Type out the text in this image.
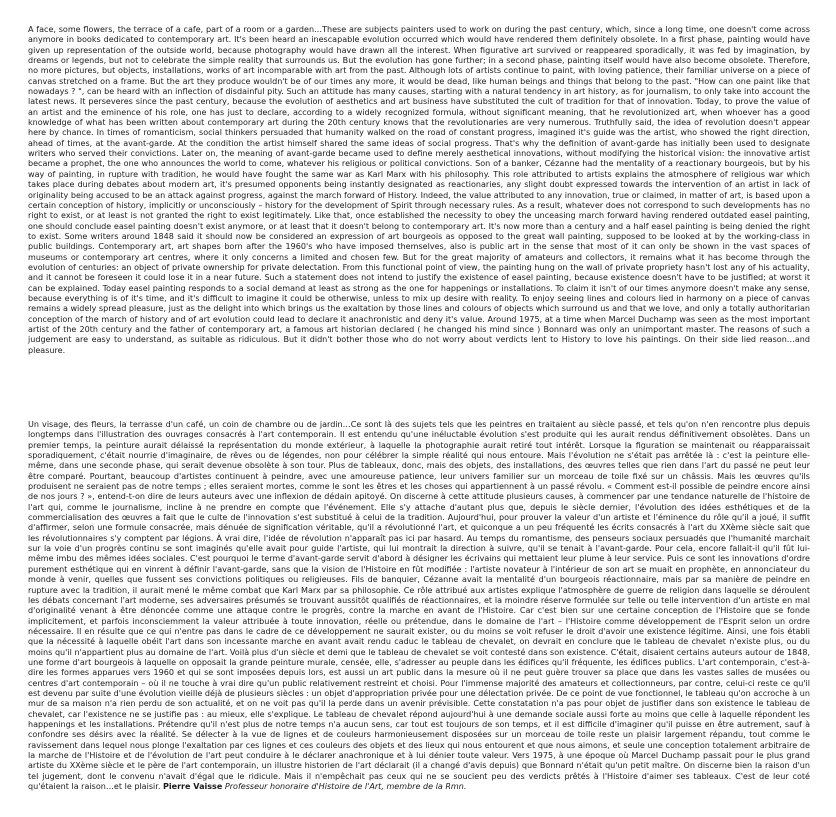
A face, some flowers, the terrace of a cafe, part of a room or a garden…These are subjects painters used to work on during the past century, which, since a long time, one doesn't come across anymore in books dedicated to contemporary art. It's been heard an inescapable evolution occurred which would have rendered them definitely obsolete. In a first phase, painting would have given up representation of the outside world, because photography would have drawn all the interest. When figurative art survived or reappeared sporadically, it was fed by imagination, by dreams or legends, but not to celebrate the simple reality that surrounds us. But the evolution has gone further; in a second phase, painting itself would have also become obsolete. Therefore, no more pictures, but objects, installations, works of art incomparable with art from the past. Although lots of artists continue to paint, with loving patience, their familiar universe on a piece of canvas stretched on a frame. But the art they produce wouldn't be of our times any more, it would be dead, like human beings and things that belong to the past. "How can one paint like that nowadays ? ", can be heard with an inflection of disdainful pity. Such an attitude has many causes, starting with a natural tendency in art history, as for journalism, to only take into account the latest news. It perseveres since the past century, because the evolution of aesthetics and art business have substituted the cult of tradition for that of innovation. Today, to prove the value of an artist and the eminence of his role, one has just to declare, according to a widely recognized formula, without significant meaning, that he revolutionized art, when whoever has a good knowledge of what has been written about contemporary art during the 20th century knows that the revolutionaries are very numerous. Truthfully said, the idea of revolution doesn't appear here by chance. In times of romanticism, social thinkers persuaded that humanity walked on the road of constant progress, imagined it's guide was the artist, who showed the right direction, ahead of times, at the avant-garde. At the condition the artist himself shared the same ideas of social progress. That's why the definition of avant-garde has initially been used to designate writers who served their convictions. Later on, the meaning of avant-garde became used to define merely aesthetical innovations, without modifying the historical vision: the innovative artist became a prophet, the one who announces the world to come, whatever his religious or political convictions. Son of a banker, Cézanne had the mentality of a reactionary bourgeois, but by his way of painting, in rupture with tradition, he would have fought the same war as Karl Marx with his philosophy. This role attributed to artists explains the atmosphere of religious war which takes place during debates about modern art, it's presumed opponents being instantly designated as reactionaries, any slight doubt expressed towards the intervention of an artist in lack of originality being accused to be an attack against progress, against the march forward of History. Indeed, the value attributed to any innovation, true or claimed, in matter of art, is based upon a certain conception of history, implicitly or unconsciously – history for the development of Spirit through necessary rules. As a result, whatever does not correspond to such developments has no right to exist, or at least is not granted the right to exist legitimately. Like that, once established the necessity to obey the unceasing march forward having rendered outdated easel painting, one should conclude easel painting doesn't exist anymore, or at least that it doesn't belong to contemporary art. It's now more than a century and a half easel painting is being denied the right to exist. Some writers around 1848 said it should now be considered an expression of art bourgeois as opposed to the great wall painting, supposed to be looked at by the working-class in public buildings. Contemporary art, art shapes born after the 1960's who have imposed themselves, also is public art in the sense that most of it can only be shown in the vast spaces of museums or contemporary art centres, where it only concerns a limited and chosen few. But for the great majority of amateurs and collectors, it remains what it has become through the evolution of centuries: an object of private ownership for private delectation. From this functional point of view, the painting hung on the wall of private propriety hasn't lost any of his actuality, and it cannot be foreseen it could lose it in a near future. Such a statement does not intend to justify the existence of easel painting, because existence doesn't have to be justified; at worst it can be explained. Today easel painting responds to a social demand at least as strong as the one for happenings or installations. To claim it isn't of our times anymore doesn't make any sense, because everything is of it's time, and it's difficult to imagine it could be otherwise, unless to mix up desire with reality. To enjoy seeing lines and colours lied in harmony on a piece of canvas remains a widely spread pleasure, just as the delight into which brings us the exaltation by those lines and colours of objects which surround us and that we love, and only a totally authoritarian conception of the march of history and of art evolution could lead to declare it anachronistic and deny it's value. Around 1975, at a time when Marcel Duchamp was seen as the most important artist of the 20th century and the father of contemporary art, a famous art historian declared ( he changed his mind since ) Bonnard was only an unimportant master. The reasons of such a judgement are easy to understand, as suitable as ridiculous. But it didn't bother those who do not worry about verdicts lent to History to love his paintings. On their side lied reason…and pleasure.

Un visage, des fleurs, la terrasse d'un café, un coin de chambre ou de jardin…Ce sont là des sujets tels que les peintres en traitaient au siècle passé, et tels qu'on n'en rencontre plus depuis longtemps dans l'illustration des ouvrages consacrés à l'art contemporain. Il est entendu qu'une inéluctable évolution s'est produite qui les aurait rendus définitivement obsolètes. Dans un premier temps, la peinture aurait délaissé la représentation du monde extérieur, à laquelle la photographie aurait retiré tout intérêt. Lorsque la figuration se maintenait ou réapparaissait sporadiquement, c'était nourrie d'imaginaire, de rêves ou de légendes, non pour célébrer la simple réalité qui nous entoure. Mais l'évolution ne s'était pas arrêtée là : c'est la peinture elle-même, dans une seconde phase, qui serait devenue obsolète à son tour. Plus de tableaux, donc, mais des objets, des installations, des œuvres telles que rien dans l'art du passé ne peut leur être comparé. Pourtant, beaucoup d'artistes continuent à peindre, avec une amoureuse patience, leur univers familier sur un morceau de toile fixé sur un châssis. Mais les œuvres qu'ils produisent ne seraient pas de notre temps ; elles seraient mortes, comme le sont les êtres et les choses qui appartiennent à un passé révolu. « Comment est-il possible de peindre encore ainsi de nos jours ? », entend-t-on dire de leurs auteurs avec une inflexion de dédain apitoyé. On discerne à cette attitude plusieurs causes, à commencer par une tendance naturelle de l'histoire de l'art qui, comme le journalisme, incline à ne prendre en compte que l'événement. Elle s'y attache d'autant plus que, depuis le siècle dernier, l'évolution des idées esthétiques et de la commercialisation des œuvres a fait que le culte de l'innovation s'est substitué à celui de la tradition. Aujourd'hui, pour prouver la valeur d'un artiste et l'éminence du rôle qu'il a joué, il suffit d'affirmer, selon une formule consacrée, mais dénuée de signification véritable, qu'il a révolutionné l'art, et quiconque a un peu fréquenté les écrits consacrés à l'art du XXème siècle sait que les révolutionnaires s'y comptent par légions. À vrai dire, l'idée de révolution n'apparaît pas ici par hasard. Au temps du romantisme, des penseurs sociaux persuadés que l'humanité marchait sur la voie d'un progrès continu se sont imaginés qu'elle avait pour guide l'artiste, qui lui montrait la direction à suivre, qu'il se tenait à l'avant-garde. Pour cela, encore fallait-il qu'il fût lui-même imbu des mêmes idées sociales. C'est pourquoi le terme d'avant-garde servit d'abord à désigner les écrivains qui mettaient leur plume à leur service. Puis ce sont les innovations d'ordre purement esthétique qui en vinrent à définir l'avant-garde, sans que la vision de l'Histoire en fût modifiée : l'artiste novateur à l'intérieur de son art se muait en prophète, en annonciateur du monde à venir, quelles que fussent ses convictions politiques ou religieuses. Fils de banquier, Cézanne avait la mentalité d'un bourgeois réactionnaire, mais par sa manière de peindre en rupture avec la tradition, il aurait mené le même combat que Karl Marx par sa philosophie. Ce rôle attribué aux artistes explique l'atmosphère de guerre de religion dans laquelle se déroulent les débats concernant l'art moderne, ses adversaires présumés se trouvant aussitôt qualifiés de réactionnaires, et la moindre réserve formulée sur telle ou telle intervention d'un artiste en mal d'originalité venant à être dénoncée comme une attaque contre le progrès, contre la marche en avant de l'Histoire. Car c'est bien sur une certaine conception de l'Histoire que se fonde implicitement, et parfois inconsciemment la valeur attribuée à toute innovation, réelle ou prétendue, dans le domaine de l'art – l'Histoire comme développement de l'Esprit selon un ordre nécessaire. Il en résulte que ce qui n'entre pas dans le cadre de ce développement ne saurait exister, ou du moins se voit refuser le droit d'avoir une existence légitime. Ainsi, une fois établi que la nécessité à laquelle obéit l'art dans son incessante marche en avant avait rendu caduc le tableau de chevalet, on devrait en conclure que le tableau de chevalet n'existe plus, ou du moins qu'il n'appartient plus au domaine de l'art. Voilà plus d'un siècle et demi que le tableau de chevalet se voit contesté dans son existence. C'était, disaient certains auteurs autour de 1848, une forme d'art bourgeois à laquelle on opposait la grande peinture murale, censée, elle, s'adresser au peuple dans les édifices qu'il fréquente, les édifices publics. L'art contemporain, c'est-à-dire les formes apparues vers 1960 et qui se sont imposées depuis lors, est aussi un art public dans la mesure où il ne peut guère trouver sa place que dans les vastes salles de musées ou centres d'art contemporain – où il ne touche à vrai dire qu'un public relativement restreint et choisi. Pour l'immense majorité des amateurs et collectionneurs, par contre, celui-ci reste ce qu'il est devenu par suite d'une évolution vieille déjà de plusieurs siècles : un objet d'appropriation privée pour une délectation privée. De ce point de vue fonctionnel, le tableau qu'on accroche à un mur de sa maison n'a rien perdu de son actualité, et on ne voit pas qu'il la perde dans un avenir prévisible. Cette constatation n'a pas pour objet de justifier dans son existence le tableau de chevalet, car l'existence ne se justifie pas : au mieux, elle s'explique. Le tableau de chevalet répond aujourd'hui à une demande sociale aussi forte au moins que celle à laquelle répondent les happenings et les installations. Prétendre qu'il n'est plus de notre temps n'a aucun sens, car tout est toujours de son temps, et il est difficile d'imaginer qu'il puisse en être autrement, sauf à confondre ses désirs avec la réalité. Se délecter à la vue de lignes et de couleurs harmonieusement disposées sur un morceau de toile reste un plaisir largement répandu, tout comme le ravissement dans lequel nous plonge l'exaltation par ces lignes et ces couleurs des objets et des lieux qui nous entourent et que nous aimons, et seule une conception totalement arbitraire de la marche de l'Histoire et de l'évolution de l'art peut conduire à le déclarer anachronique et à lui dénier toute valeur. Vers 1975, à une époque où Marcel Duchamp passait pour le plus grand artiste du XXème siècle et le père de l'art contemporain, un illustre historien de l'art déclarait (il a changé d'avis depuis) que Bonnard n'était qu'un petit maître. On discerne bien la raison d'un tel jugement, dont le convenu n'avait d'égal que le ridicule. Mais il n'empêchait pas ceux qui ne se soucient peu des verdicts prêtés à l'Histoire d'aimer ses tableaux. C'est de leur coté qu'étaient la raison…et le plaisir. Pierre Vaisse Professeur honoraire d'Histoire de l'Art, membre de la Rmn.
